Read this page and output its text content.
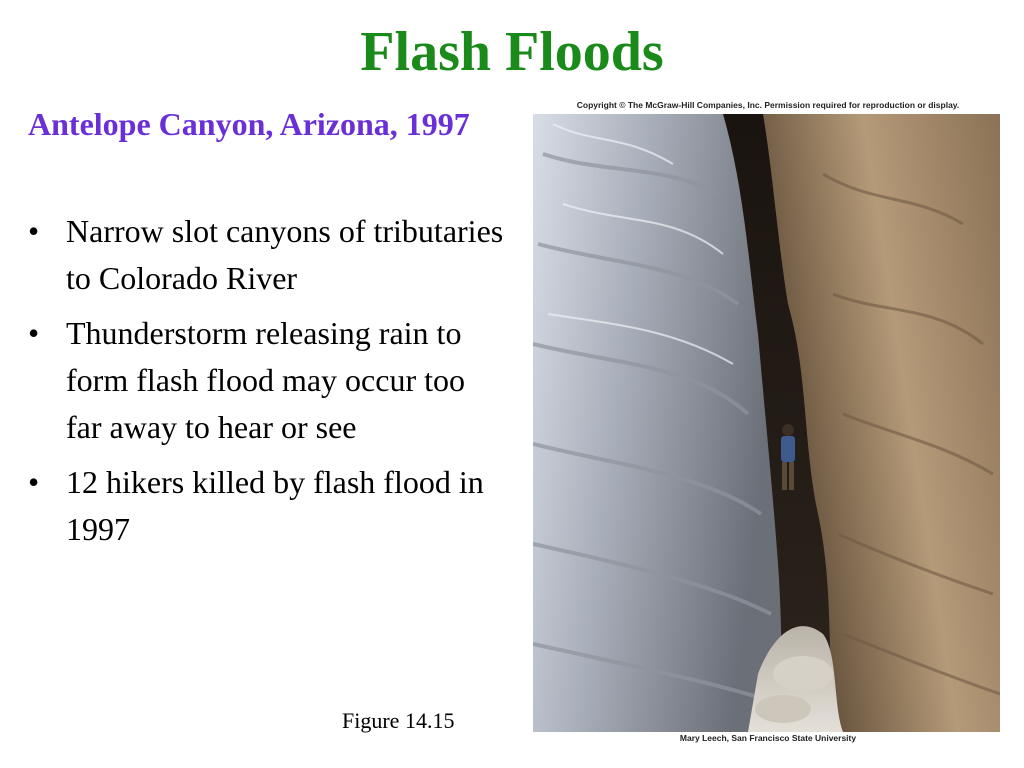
Flash Floods
Antelope Canyon, Arizona, 1997
• Narrow slot canyons of tributaries to Colorado River
• Thunderstorm releasing rain to form flash flood may occur too far away to hear or see
• 12 hikers killed by flash flood in 1997
Figure 14.15
Copyright © The McGraw-Hill Companies, Inc. Permission required for reproduction or display.
Mary Leech, San Francisco State University
